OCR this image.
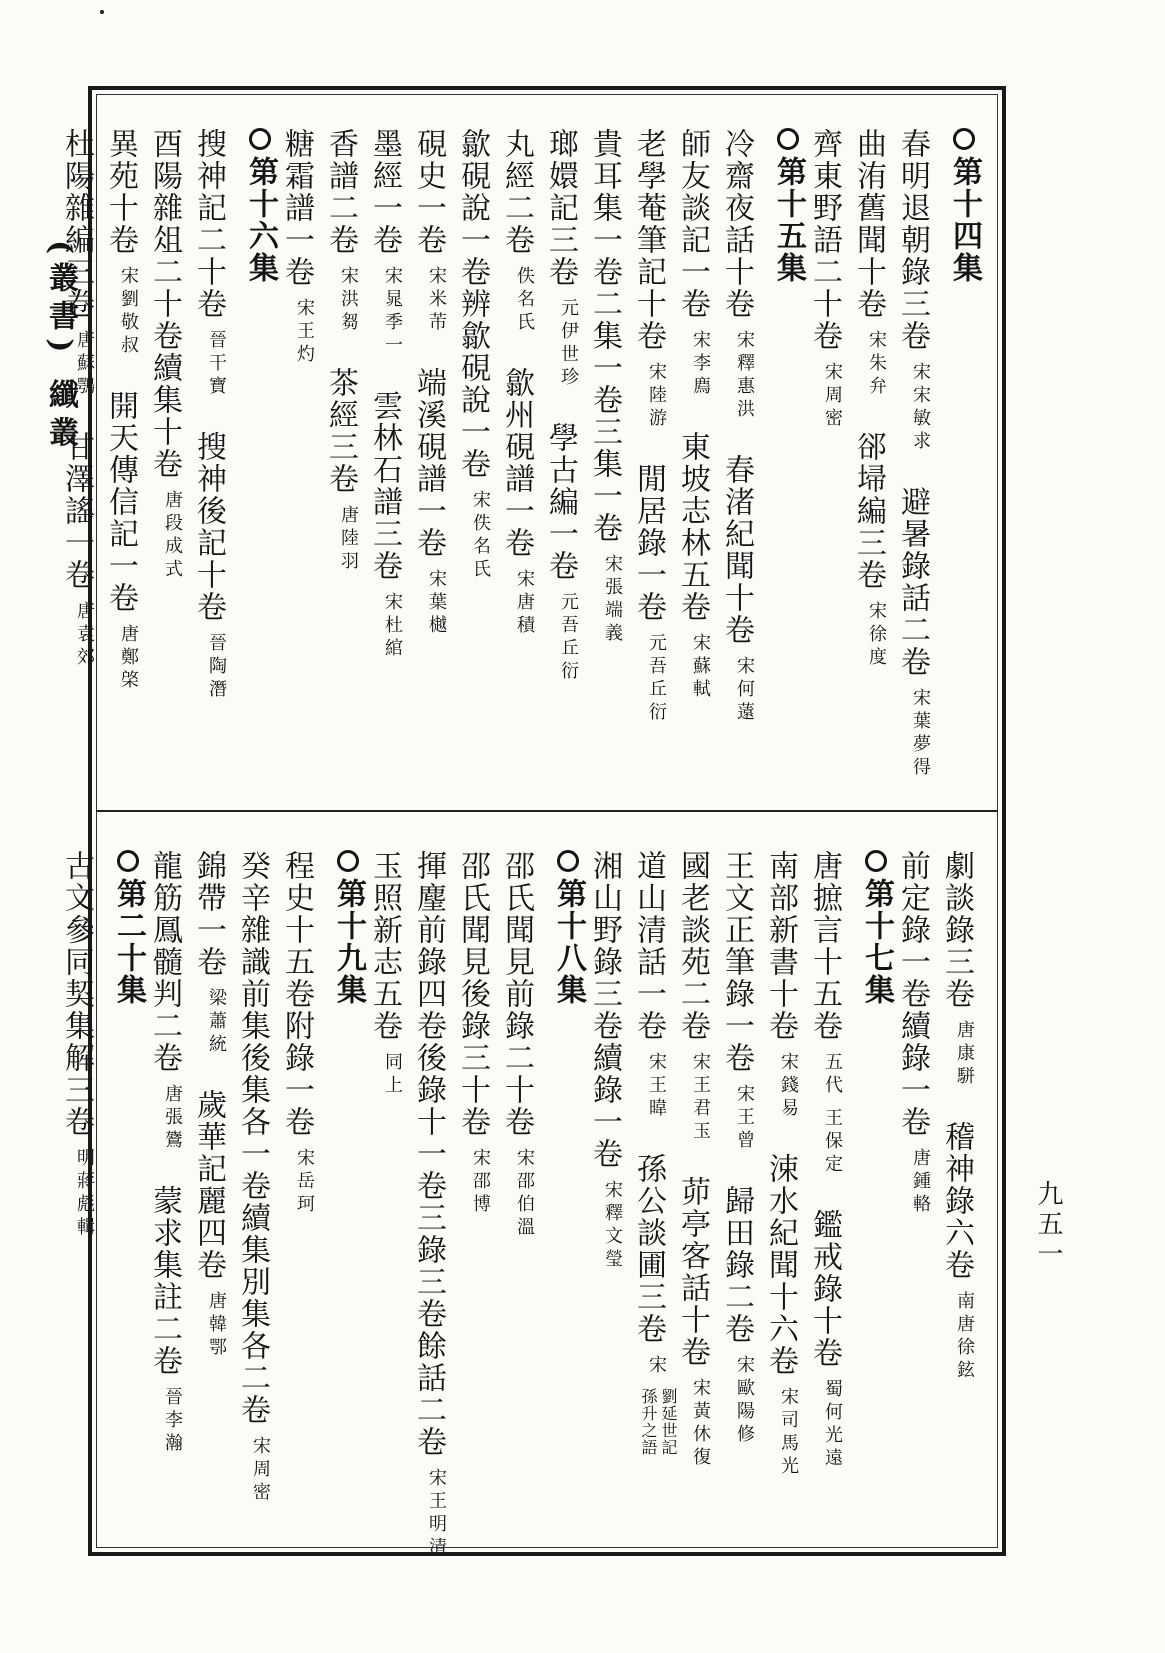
(叢書) 纖叢
九五一
第十四集
春明退朝錄三卷宋宋敏求避暑錄話二卷宋葉夢得
曲洧舊聞十卷宋朱弁郤埽編三卷宋徐度
齊東野語二十卷宋周密
第十五集
冷齋夜話十卷宋釋惠洪春渚紀聞十卷宋何薳
師友談記一卷宋李廌東坡志林五卷宋蘇軾
老學菴筆記十卷宋陸游閒居錄一卷元吾丘衍
貴耳集一卷二集一卷三集一卷宋張端義
瑯嬛記三卷元伊世珍學古編一卷元吾丘衍
丸經二卷佚名氏歙州硯譜一卷宋唐積
歙硯說一卷辨歙硯說一卷宋佚名氏
硯史一卷宋米芾端溪硯譜一卷宋葉樾
墨經一卷宋晁季一雲林石譜三卷宋杜綰
香譜二卷宋洪芻茶經三卷唐陸羽
糖霜譜一卷宋王灼
第十六集
搜神記二十卷晉干寶搜神後記十卷晉陶潛
酉陽雜俎二十卷續集十卷唐段成式
異苑十卷宋劉敬叔開天傳信記一卷唐鄭棨
杜陽雜編三卷唐蘇鶚甘澤謠一卷唐袁郊
劇談錄三卷唐康駢稽神錄六卷南唐徐鉉
前定錄一卷續錄一卷唐鍾輅
第十七集
唐摭言十五卷五代王保定鑑戒錄十卷蜀何光遠
南部新書十卷宋錢易涑水紀聞十六卷宋司馬光
王文正筆錄一卷宋王曾歸田錄二卷宋歐陽修
國老談苑二卷宋王君玉茆亭客話十卷宋黃休復
道山清話一卷宋王暐孫公談圃三卷宋劉延世記
孫升之語
湘山野錄三卷續錄一卷宋釋文瑩
第十八集
邵氏聞見前錄二十卷宋邵伯溫
邵氏聞見後錄三十卷宋邵博
揮麈前錄四卷後錄十一卷三錄三卷餘話二卷宋王明清
玉照新志五卷同上
第十九集
程史十五卷附錄一卷宋岳珂
癸辛雜識前集後集各一卷續集別集各二卷宋周密
錦帶一卷梁蕭統歲華記麗四卷唐韓鄂
龍筋鳳髓判二卷唐張鷟蒙求集註二卷晉李瀚
第二十集
古文參同契集解三卷明蔣彪輯
